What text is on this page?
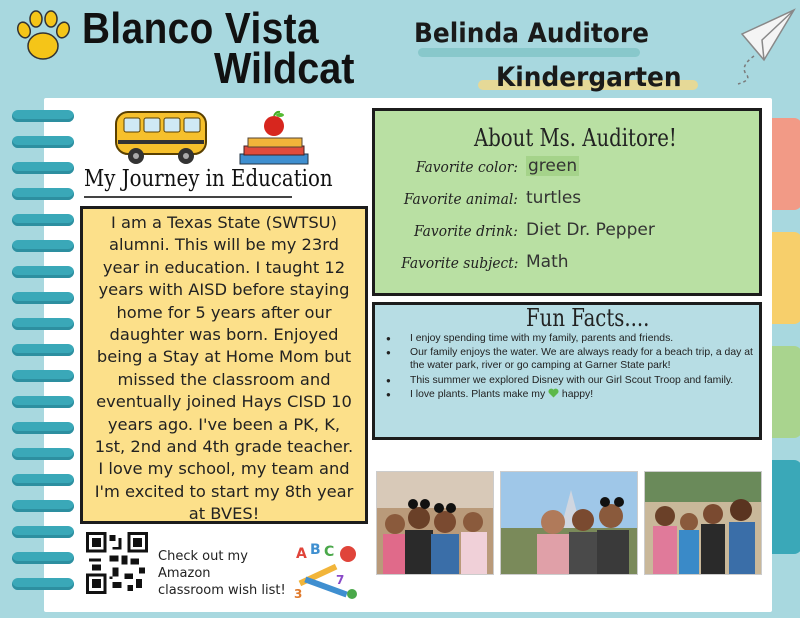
Blanco Vista
Wildcat
Belinda Auditore
Kindergarten
My Journey in Education
I am a Texas State (SWTSU) alumni. This will be my 23rd year in education. I taught 12 years with AISD before staying home for 5 years after our daughter was born. Enjoyed being a Stay at Home Mom but missed the classroom and eventually joined Hays CISD 10 years ago. I've been a PK, K, 1st, 2nd and 4th grade teacher. I love my school, my team and I'm excited to start my 8th year at BVES!
Check out my
Amazon
classroom wish list!
A B C
7
3
About Ms. Auditore!
Favorite color:
Favorite animal:
Favorite drink:
Favorite subject:
green
turtles
Diet Dr. Pepper
Math
Fun Facts....
● I enjoy spending time with my family, parents and friends.
● Our family enjoys the water. We are always ready for a beach trip, a day at the water park, river or go camping at Garner State park!
● This summer we explored Disney with our Girl Scout Troop and family.
● I love plants. Plants make my happy!
